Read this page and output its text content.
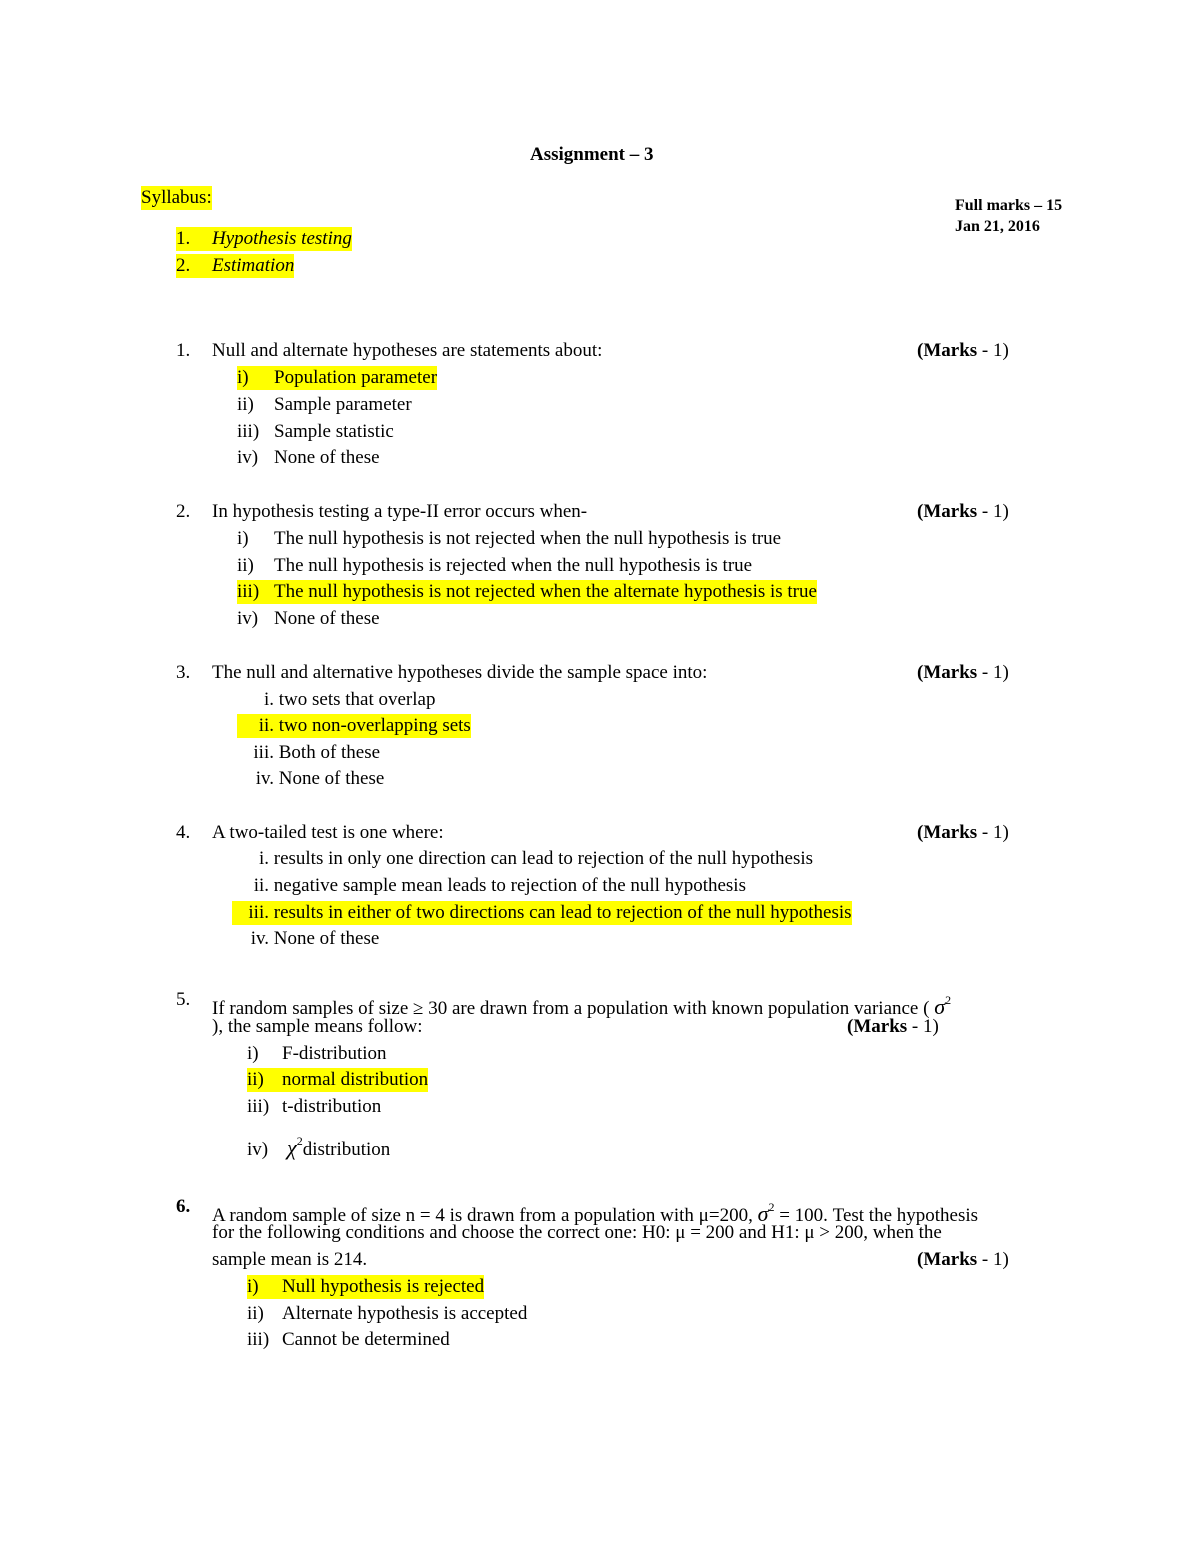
Assignment – 3
Syllabus:	Full marks – 15
Jan 21, 2016
1. Hypothesis testing
2. Estimation
1. Null and alternate hypotheses are statements about:	(Marks - 1)
i) Population parameter
ii) Sample parameter
iii) Sample statistic
iv) None of these
2. In hypothesis testing a type-II error occurs when-	(Marks - 1)
i) The null hypothesis is not rejected when the null hypothesis is true
ii) The null hypothesis is rejected when the null hypothesis is true
iii) The null hypothesis is not rejected when the alternate hypothesis is true
iv) None of these
3. The null and alternative hypotheses divide the sample space into:	(Marks - 1)
i. two sets that overlap
ii. two non-overlapping sets
iii. Both of these
iv. None of these
4. A two-tailed test is one where:	(Marks - 1)
i. results in only one direction can lead to rejection of the null hypothesis
ii. negative sample mean leads to rejection of the null hypothesis
iii. results in either of two directions can lead to rejection of the null hypothesis
iv. None of these
5. If random samples of size ≥ 30 are drawn from a population with known population variance ( $\sigma^2$
), the sample means follow:	(Marks - 1)
i) F-distribution
ii) normal distribution
iii) t-distribution
iv) $\chi^2distribution$
6. A random sample of size n = 4 is drawn from a population with μ=200, $\sigma^2 = 100$. Test the hypothesis
for the following conditions and choose the correct one: H0: μ = 200 and H1: μ > 200, when the
sample mean is 214.	(Marks - 1)
i) Null hypothesis is rejected
ii) Alternate hypothesis is accepted
iii) Cannot be determined
